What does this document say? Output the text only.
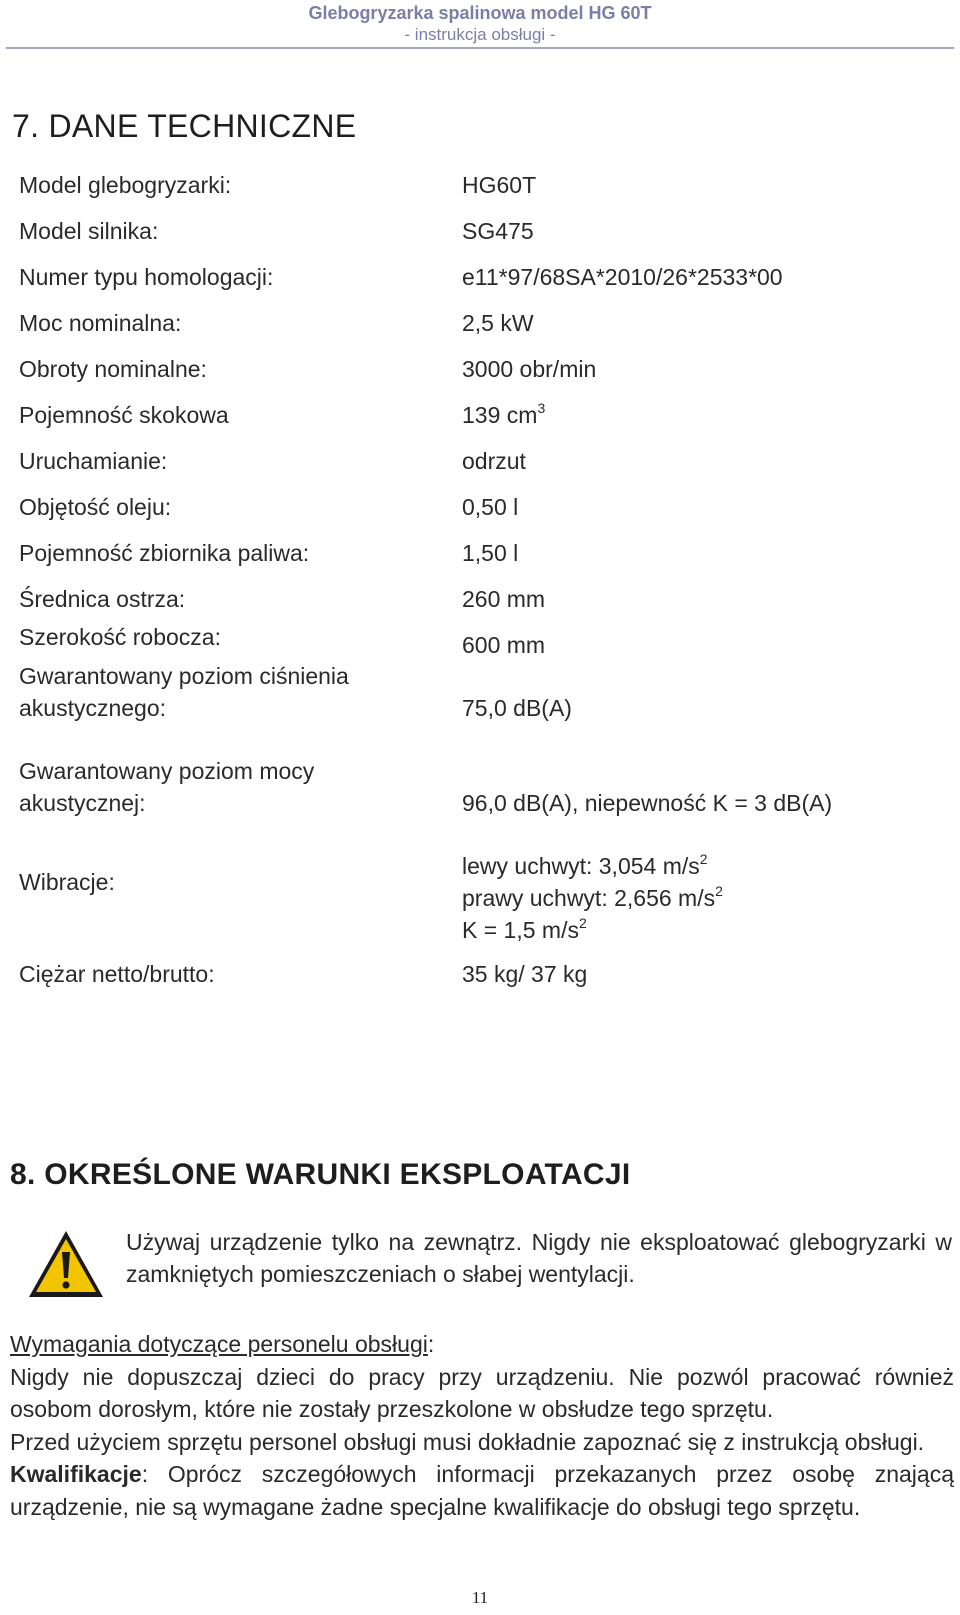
Glebogryzarka spalinowa model HG 60T
- instrukcja obsługi -
7. DANE TECHNICZNE
Model glebogryzarki:	HG60T
Model silnika:	SG475
Numer typu homologacji:	e11*97/68SA*2010/26*2533*00
Moc nominalna:	2,5 kW
Obroty nominalne:	3000 obr/min
Pojemność skokowa	139 $cm^3$
Uruchamianie:	odrzut
Objętość oleju:	0,50 l
Pojemność zbiornika paliwa:	1,50 l
Średnica ostrza:	260 mm
Szerokość robocza:	600 mm
Gwarantowany poziom ciśnienia
akustycznego:	75,0 dB(A)
Gwarantowany poziom mocy
akustycznej:	96,0 dB(A), niepewność K = 3 dB(A)
Wibracje:
lewy uchwyt: 3,054 $m/s^2$
prawy uchwyt: 2,656 $m/s^2$
K = 1,5 $m/s^2$
Ciężar netto/brutto:	35 kg/ 37 kg
8. OKREŚLONE WARUNKI EKSPLOATACJI
Używaj urządzenie tylko na zewnątrz. Nigdy nie eksploatować glebogryzarki w zamkniętych pomieszczeniach o słabej wentylacji.

Wymagania dotyczące personelu obsługi:

Nigdy nie dopuszczaj dzieci do pracy przy urządzeniu. Nie pozwól pracować również osobom dorosłym, które nie zostały przeszkolone w obsłudze tego sprzętu.

Przed użyciem sprzętu personel obsługi musi dokładnie zapoznać się z instrukcją obsługi.

Kwalifikacje: Oprócz szczegółowych informacji przekazanych przez osobę znającą urządzenie, nie są wymagane żadne specjalne kwalifikacje do obsługi tego sprzętu.

11
